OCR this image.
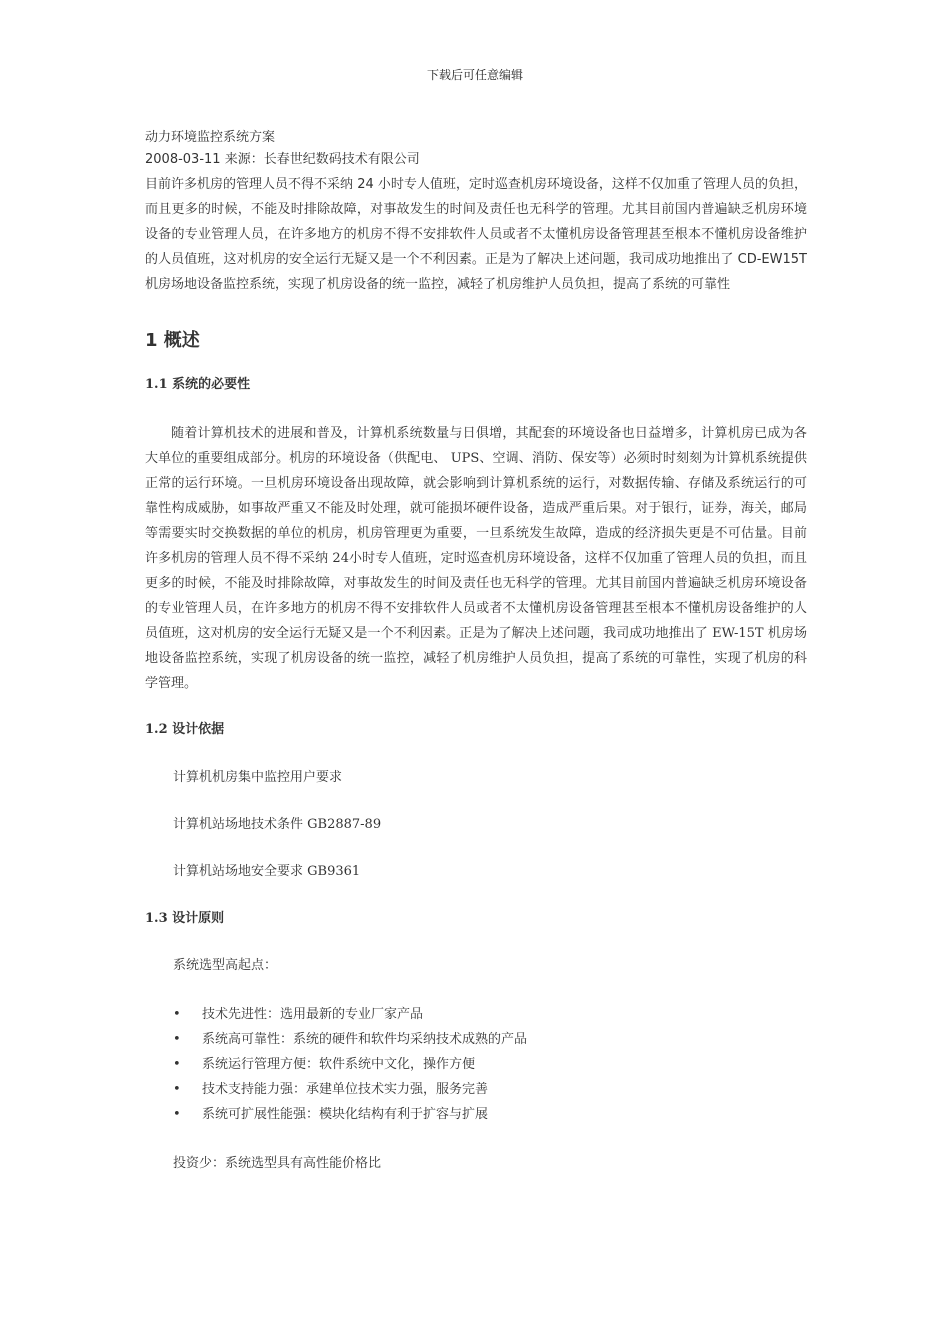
下载后可任意编辑

动力环境监控系统方案

2008-03-11 来源：长春世纪数码技术有限公司

目前许多机房的管理人员不得不采纳 24 小时专人值班，定时巡查机房环境设备，这样不仅加重了管理人员的负担，而且更多的时候，不能及时排除故障，对事故发生的时间及责任也无科学的管理。尤其目前国内普遍缺乏机房环境设备的专业管理人员，在许多地方的机房不得不安排软件人员或者不太懂机房设备管理甚至根本不懂机房设备维护的人员值班，这对机房的安全运行无疑又是一个不利因素。正是为了解决上述问题，我司成功地推出了 CD-EW15T 机房场地设备监控系统，实现了机房设备的统一监控，减轻了机房维护人员负担，提高了系统的可靠性

1 概述
1.1 系统的必要性

随着计算机技术的进展和普及，计算机系统数量与日俱增，其配套的环境设备也日益增多，计算机房已成为各大单位的重要组成部分。机房的环境设备（供配电、 UPS、空调、消防、保安等）必须时时刻刻为计算机系统提供正常的运行环境。一旦机房环境设备出现故障，就会影响到计算机系统的运行，对数据传输、存储及系统运行的可靠性构成威胁，如事故严重又不能及时处理，就可能损坏硬件设备，造成严重后果。对于银行，证券，海关，邮局等需要实时交换数据的单位的机房，机房管理更为重要，一旦系统发生故障，造成的经济损失更是不可估量。目前许多机房的管理人员不得不采纳 24小时专人值班，定时巡查机房环境设备，这样不仅加重了管理人员的负担，而且更多的时候，不能及时排除故障，对事故发生的时间及责任也无科学的管理。尤其目前国内普遍缺乏机房环境设备的专业管理人员，在许多地方的机房不得不安排软件人员或者不太懂机房设备管理甚至根本不懂机房设备维护的人员值班，这对机房的安全运行无疑又是一个不利因素。正是为了解决上述问题，我司成功地推出了 EW-15T 机房场地设备监控系统，实现了机房设备的统一监控，减轻了机房维护人员负担，提高了系统的可靠性，实现了机房的科学管理。

1.2 设计依据

计算机机房集中监控用户要求

计算机站场地技术条件 GB2887-89

计算机站场地安全要求 GB9361

1.3 设计原则

系统选型高起点：

• 技术先进性：选用最新的专业厂家产品
• 系统高可靠性：系统的硬件和软件均采纳技术成熟的产品
• 系统运行管理方便：软件系统中文化，操作方便
• 技术支持能力强：承建单位技术实力强，服务完善
• 系统可扩展性能强：模块化结构有利于扩容与扩展

投资少：系统选型具有高性能价格比
